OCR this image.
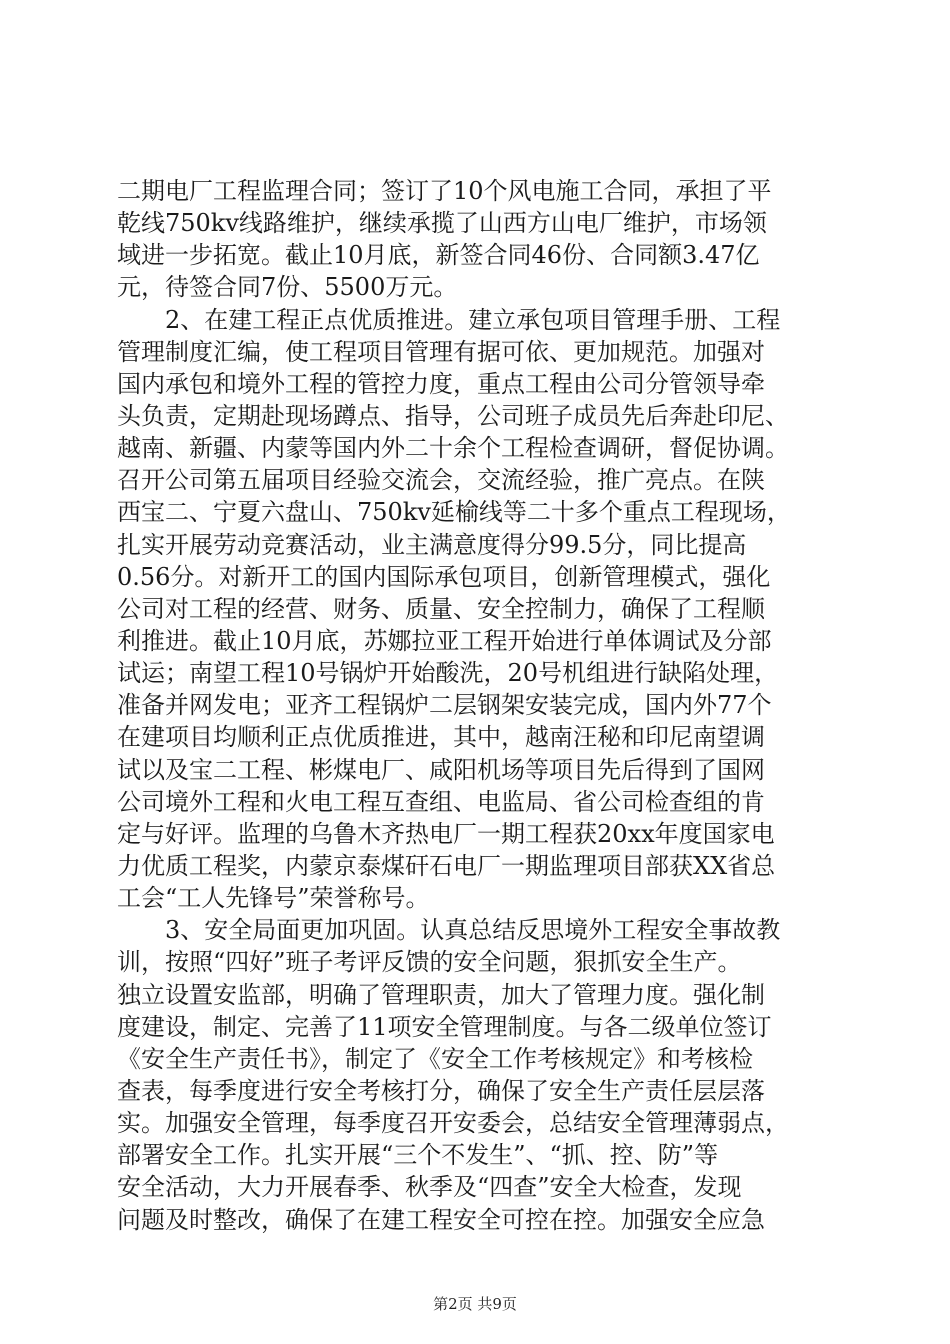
二期电厂工程监理合同；签订了10个风电施工合同，承担了平
乾线750kv线路维护，继续承揽了山西方山电厂维护，市场领
域进一步拓宽。截止10月底，新签合同46份、合同额3.47亿
元，待签合同7份、5500万元。
　　2、在建工程正点优质推进。建立承包项目管理手册、工程
管理制度汇编，使工程项目管理有据可依、更加规范。加强对
国内承包和境外工程的管控力度，重点工程由公司分管领导牵
头负责，定期赴现场蹲点、指导，公司班子成员先后奔赴印尼、
越南、新疆、内蒙等国内外二十余个工程检查调研，督促协调。
召开公司第五届项目经验交流会，交流经验，推广亮点。在陕
西宝二、宁夏六盘山、750kv延榆线等二十多个重点工程现场，
扎实开展劳动竞赛活动，业主满意度得分99.5分，同比提高
0.56分。对新开工的国内国际承包项目，创新管理模式，强化
公司对工程的经营、财务、质量、安全控制力，确保了工程顺
利推进。截止10月底，苏娜拉亚工程开始进行单体调试及分部
试运；南望工程10号锅炉开始酸洗，20号机组进行缺陷处理，
准备并网发电；亚齐工程锅炉二层钢架安装完成，国内外77个
在建项目均顺利正点优质推进，其中，越南汪秘和印尼南望调
试以及宝二工程、彬煤电厂、咸阳机场等项目先后得到了国网
公司境外工程和火电工程互查组、电监局、省公司检查组的肯
定与好评。监理的乌鲁木齐热电厂一期工程获20xx年度国家电
力优质工程奖，内蒙京泰煤矸石电厂一期监理项目部获XX省总
工会“工人先锋号”荣誉称号。
　　3、安全局面更加巩固。认真总结反思境外工程安全事故教
训，按照“四好”班子考评反馈的安全问题，狠抓安全生产。
独立设置安监部，明确了管理职责，加大了管理力度。强化制
度建设，制定、完善了11项安全管理制度。与各二级单位签订
《安全生产责任书》，制定了《安全工作考核规定》和考核检
查表，每季度进行安全考核打分，确保了安全生产责任层层落
实。加强安全管理，每季度召开安委会，总结安全管理薄弱点，
部署安全工作。扎实开展“三个不发生”、“抓、控、防”等
安全活动，大力开展春季、秋季及“四查”安全大检查，发现
问题及时整改，确保了在建工程安全可控在控。加强安全应急
第2页 共9页
